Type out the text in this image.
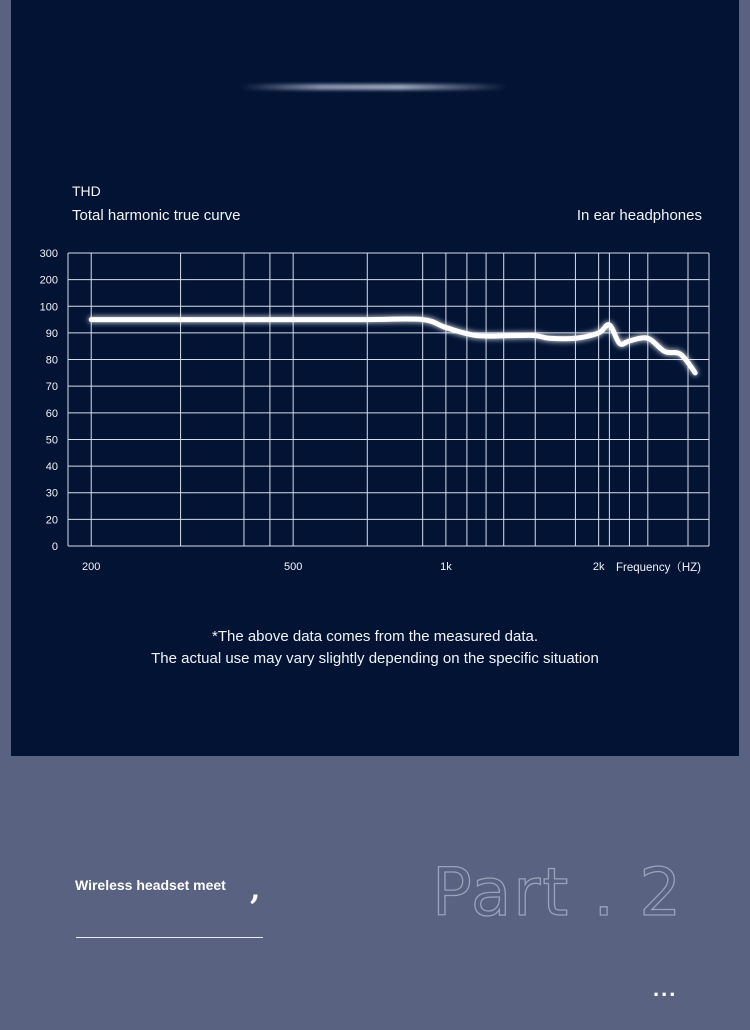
THD
Total harmonic true curve	In ear headphones
0
20
30
40
50
60
70
80
90
100
200
300
200	500	1k	2k Frequency（HZ)
*The above data comes from the measured data.
The actual use may vary slightly depending on the specific situation
Wireless headset meet ,	Part . 2
...
